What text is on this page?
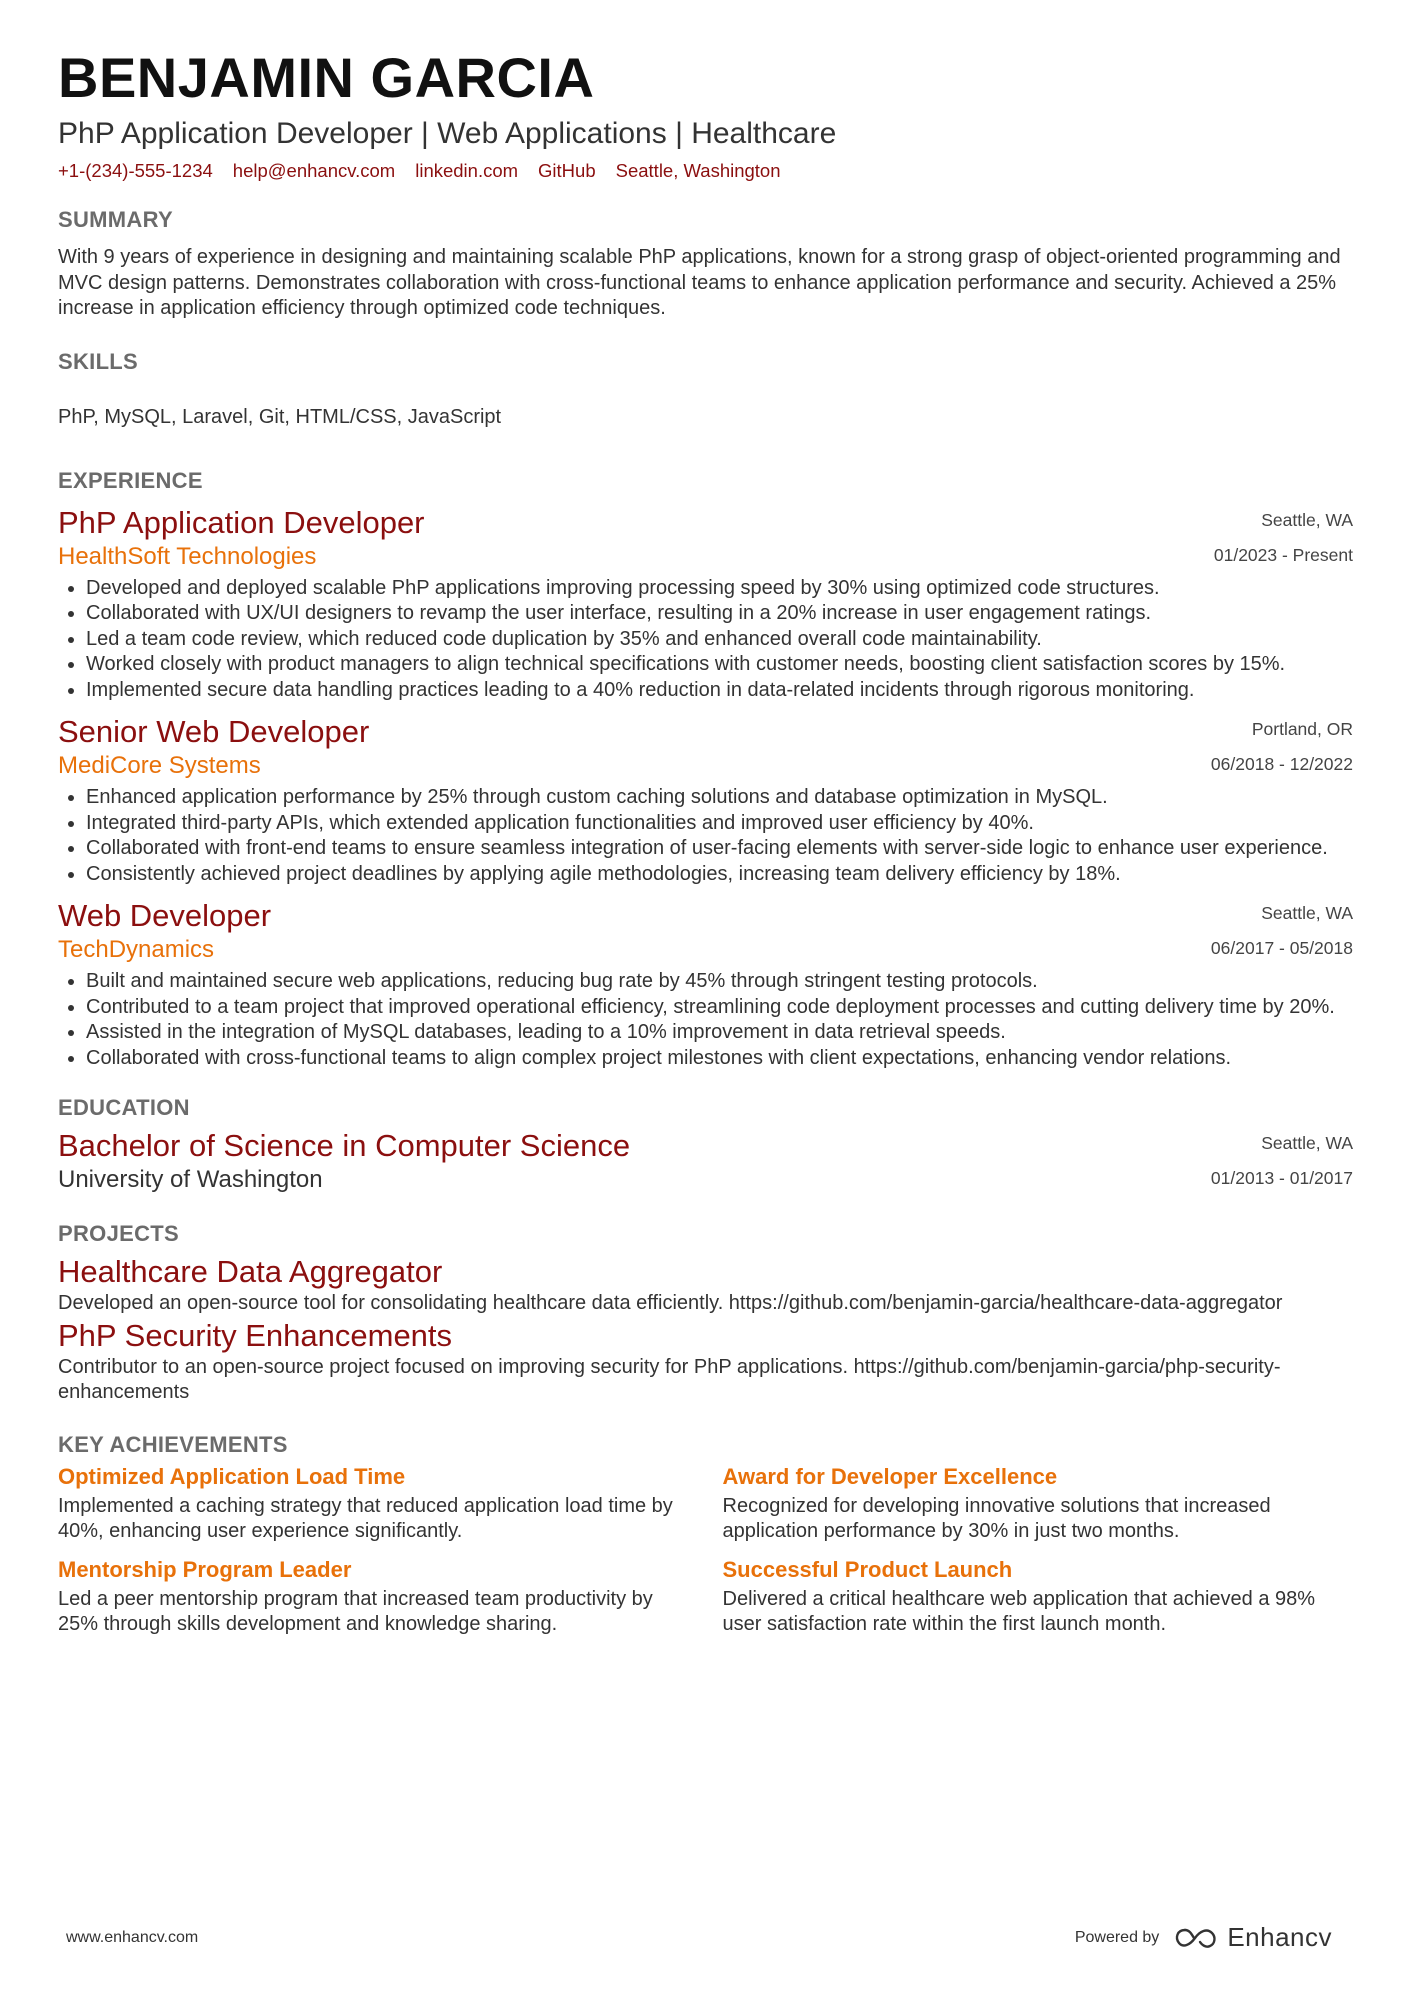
BENJAMIN GARCIA
PhP Application Developer | Web Applications | Healthcare
+1-(234)-555-1234 help@enhancv.com linkedin.com GitHub Seattle, Washington
SUMMARY
With 9 years of experience in designing and maintaining scalable PhP applications, known for a strong grasp of object-oriented programming and MVC design patterns. Demonstrates collaboration with cross-functional teams to enhance application performance and security. Achieved a 25% increase in application efficiency through optimized code techniques.
SKILLS
PhP, MySQL, Laravel, Git, HTML/CSS, JavaScript
EXPERIENCE
PhP Application Developer
HealthSoft Technologies
Seattle, WA
01/2023 - Present
• Developed and deployed scalable PhP applications improving processing speed by 30% using optimized code structures.
• Collaborated with UX/UI designers to revamp the user interface, resulting in a 20% increase in user engagement ratings.
• Led a team code review, which reduced code duplication by 35% and enhanced overall code maintainability.
• Worked closely with product managers to align technical specifications with customer needs, boosting client satisfaction scores by 15%.
• Implemented secure data handling practices leading to a 40% reduction in data-related incidents through rigorous monitoring.
Senior Web Developer
MediCore Systems
Portland, OR
06/2018 - 12/2022
• Enhanced application performance by 25% through custom caching solutions and database optimization in MySQL.
• Integrated third-party APIs, which extended application functionalities and improved user efficiency by 40%.
• Collaborated with front-end teams to ensure seamless integration of user-facing elements with server-side logic to enhance user experience.
• Consistently achieved project deadlines by applying agile methodologies, increasing team delivery efficiency by 18%.
Web Developer
TechDynamics
Seattle, WA
06/2017 - 05/2018
• Built and maintained secure web applications, reducing bug rate by 45% through stringent testing protocols.
• Contributed to a team project that improved operational efficiency, streamlining code deployment processes and cutting delivery time by 20%.
• Assisted in the integration of MySQL databases, leading to a 10% improvement in data retrieval speeds.
• Collaborated with cross-functional teams to align complex project milestones with client expectations, enhancing vendor relations.
EDUCATION
Bachelor of Science in Computer Science
University of Washington
Seattle, WA
01/2013 - 01/2017
PROJECTS
Healthcare Data Aggregator
Developed an open-source tool for consolidating healthcare data efficiently. https://github.com/benjamin-garcia/healthcare-data-aggregator
PhP Security Enhancements
Contributor to an open-source project focused on improving security for PhP applications. https://github.com/benjamin-garcia/php-security-enhancements
KEY ACHIEVEMENTS
Optimized Application Load Time
Implemented a caching strategy that reduced application load time by 40%, enhancing user experience significantly.
Award for Developer Excellence
Recognized for developing innovative solutions that increased application performance by 30% in just two months.
Mentorship Program Leader
Led a peer mentorship program that increased team productivity by 25% through skills development and knowledge sharing.
Successful Product Launch
Delivered a critical healthcare web application that achieved a 98% user satisfaction rate within the first launch month.
www.enhancv.com	Powered by	Enhancv
